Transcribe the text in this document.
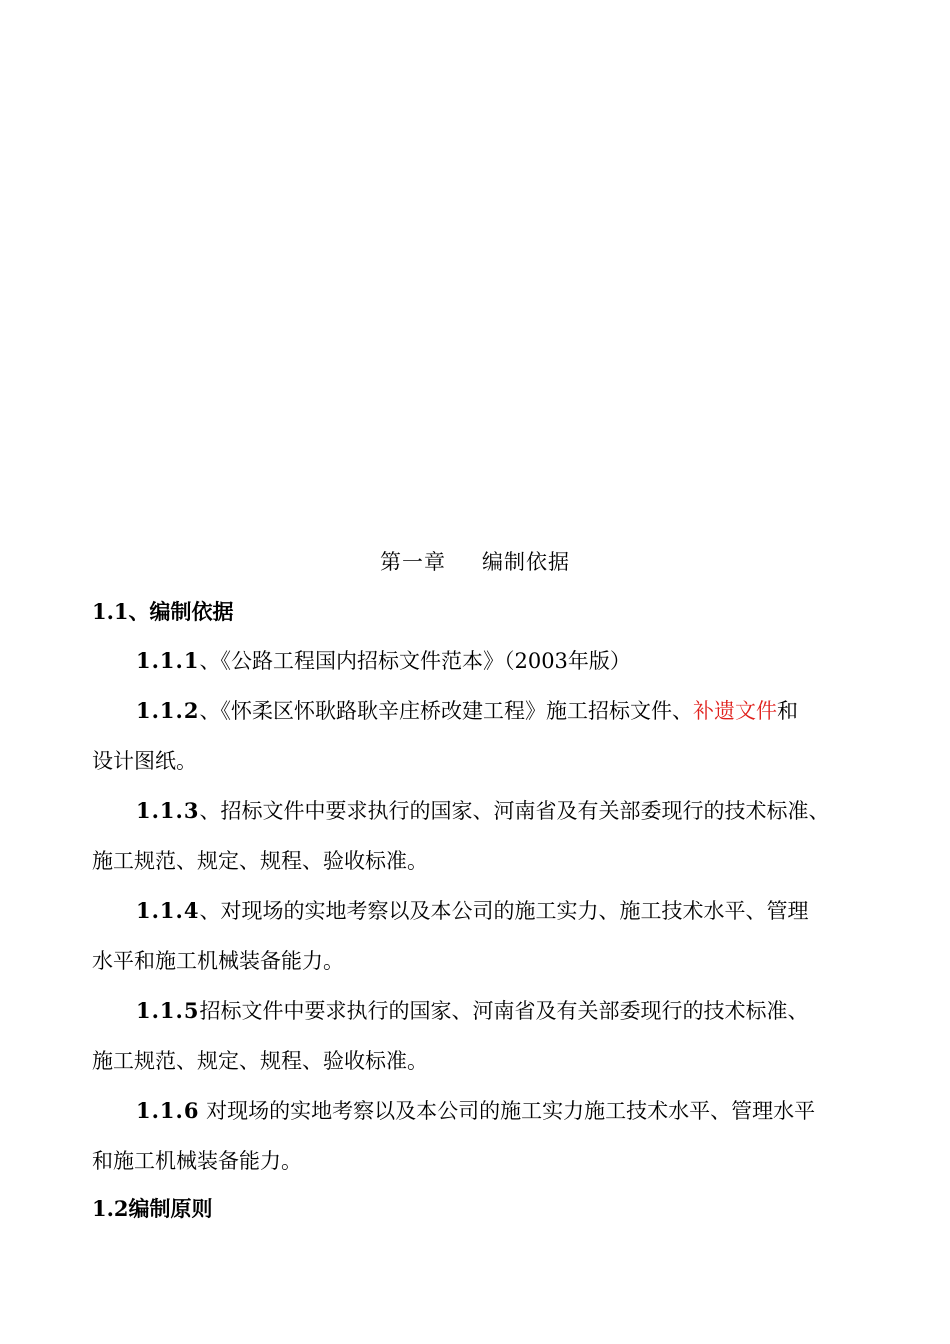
第一章 编制依据
1.1、编制依据
1.1.1、《公路工程国内招标文件范本》（2003年版）
1.1.2、《怀柔区怀耿路耿辛庄桥改建工程》施工招标文件、补遗文件和
设计图纸。
1.1.3、招标文件中要求执行的国家、河南省及有关部委现行的技术标准、
施工规范、规定、规程、验收标准。
1.1.4、对现场的实地考察以及本公司的施工实力、施工技术水平、管理
水平和施工机械装备能力。
1.1.5招标文件中要求执行的国家、河南省及有关部委现行的技术标准、
施工规范、规定、规程、验收标准。
1.1.6 对现场的实地考察以及本公司的施工实力施工技术水平、管理水平
和施工机械装备能力。
1.2编制原则
